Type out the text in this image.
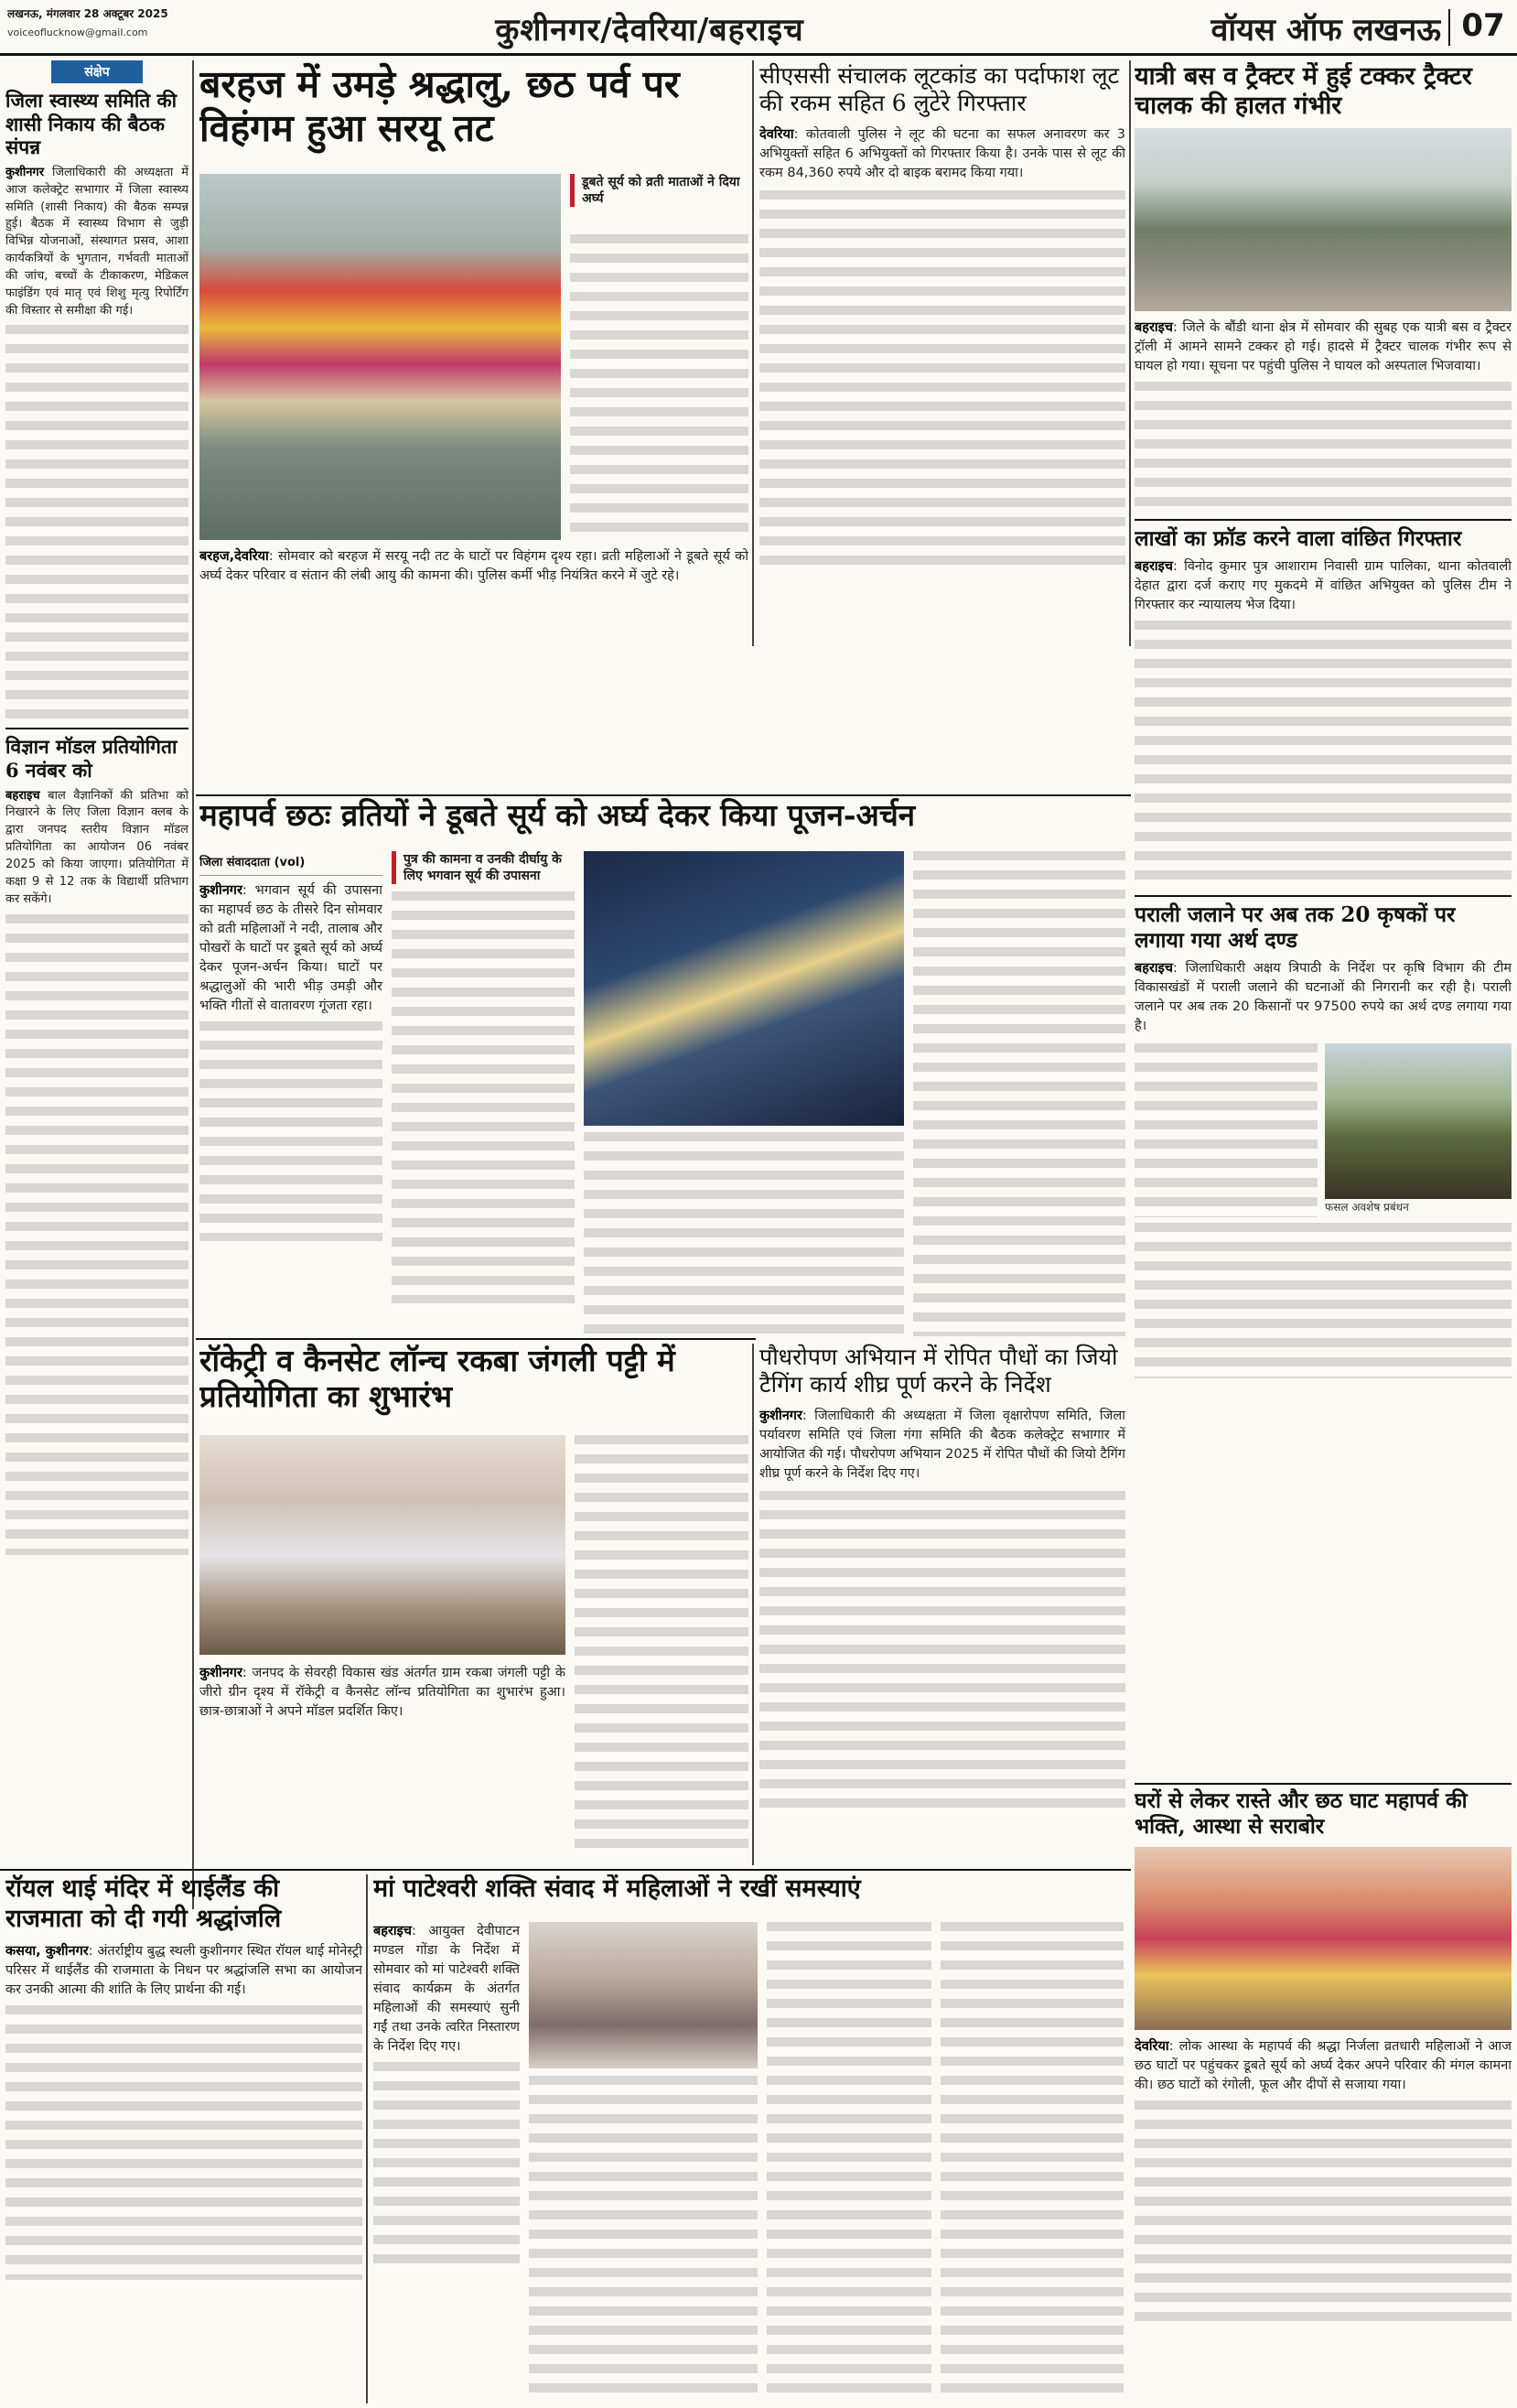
लखनऊ, मंगलवार 28 अक्टूबर 2025
voiceoflucknow@gmail.com	कुशीनगर/देवरिया/बहराइच	वॉयस ऑफ लखनऊ 07
संक्षेप
जिला स्वास्थ्य समिति की शासी निकाय की बैठक संपन्न
कुशीनगर जिलाधिकारी की अध्यक्षता में आज कलेक्ट्रेट सभागार में जिला स्वास्थ्य समिति (शासी निकाय) की बैठक सम्पन्न हुई। बैठक में स्वास्थ्य विभाग से जुड़ी विभिन्न योजनाओं, संस्थागत प्रसव, आशा कार्यकत्रियों के भुगतान, गर्भवती माताओं की जांच, बच्चों के टीकाकरण, मेडिकल फाइंडिंग एवं मातृ एवं शिशु मृत्यु रिपोर्टिंग की विस्तार से समीक्षा की गई।
विज्ञान मॉडल प्रतियोगिता 6 नवंबर को
बहराइच बाल वैज्ञानिकों की प्रतिभा को निखारने के लिए जिला विज्ञान क्लब के द्वारा जनपद स्तरीय विज्ञान मॉडल प्रतियोगिता का आयोजन 06 नवंबर 2025 को किया जाएगा। प्रतियोगिता में कक्षा 9 से 12 तक के विद्यार्थी प्रतिभाग कर सकेंगे।
बरहज में उमड़े श्रद्धालु, छठ पर्व पर विहंगम हुआ सरयू तट
डूबते सूर्य को व्रती माताओं ने दिया अर्घ्य
बरहज,देवरिया: सोमवार को बरहज में सरयू नदी तट के घाटों पर विहंगम दृश्य रहा। व्रती महिलाओं ने डूबते सूर्य को अर्घ्य देकर परिवार व संतान की लंबी आयु की कामना की। पुलिस कर्मी भीड़ नियंत्रित करने में जुटे रहे।
सीएससी संचालक लूटकांड का पर्दाफाश लूट की रकम सहित 6 लुटेरे गिरफ्तार
देवरिया: कोतवाली पुलिस ने लूट की घटना का सफल अनावरण कर 3 अभियुक्तों सहित 6 अभियुक्तों को गिरफ्तार किया है। उनके पास से लूट की रकम 84,360 रुपये और दो बाइक बरामद किया गया।
यात्री बस व ट्रैक्टर में हुई टक्कर ट्रैक्टर चालक की हालत गंभीर
बहराइच: जिले के बौंडी थाना क्षेत्र में सोमवार की सुबह एक यात्री बस व ट्रैक्टर ट्रॉली में आमने सामने टक्कर हो गई। हादसे में ट्रैक्टर चालक गंभीर रूप से घायल हो गया। सूचना पर पहुंची पुलिस ने घायल को अस्पताल भिजवाया।
लाखों का फ्रॉड करने वाला वांछित गिरफ्तार
बहराइच: विनोद कुमार पुत्र आशाराम निवासी ग्राम पालिका, थाना कोतवाली देहात द्वारा दर्ज कराए गए मुकदमे में वांछित अभियुक्त को पुलिस टीम ने गिरफ्तार कर न्यायालय भेज दिया।
पराली जलाने पर अब तक 20 कृषकों पर लगाया गया अर्थ दण्ड
बहराइच: जिलाधिकारी अक्षय त्रिपाठी के निर्देश पर कृषि विभाग की टीम विकासखंडों में पराली जलाने की घटनाओं की निगरानी कर रही है। पराली जलाने पर अब तक 20 किसानों पर 97500 रुपये का अर्थ दण्ड लगाया गया है।
फसल अवशेष प्रबंधन
महापर्व छठः व्रतियों ने डूबते सूर्य को अर्घ्य देकर किया पूजन-अर्चन
जिला संवाददाता (vol)
कुशीनगर: भगवान सूर्य की उपासना का महापर्व छठ के तीसरे दिन सोमवार को व्रती महिलाओं ने नदी, तालाब और पोखरों के घाटों पर डूबते सूर्य को अर्घ्य देकर पूजन-अर्चन किया। घाटों पर श्रद्धालुओं की भारी भीड़ उमड़ी और भक्ति गीतों से वातावरण गूंजता रहा।
पुत्र की कामना व उनकी दीर्घायु के लिए भगवान सूर्य की उपासना
रॉकेट्री व कैनसेट लॉन्च रकबा जंगली पट्टी में प्रतियोगिता का शुभारंभ
कुशीनगर: जनपद के सेवरही विकास खंड अंतर्गत ग्राम रकबा जंगली पट्टी के जीरो ग्रीन दृश्य में रॉकेट्री व कैनसेट लॉन्च प्रतियोगिता का शुभारंभ हुआ। छात्र-छात्राओं ने अपने मॉडल प्रदर्शित किए।
पौधरोपण अभियान में रोपित पौधों का जियो टैगिंग कार्य शीघ्र पूर्ण करने के निर्देश
कुशीनगर: जिलाधिकारी की अध्यक्षता में जिला वृक्षारोपण समिति, जिला पर्यावरण समिति एवं जिला गंगा समिति की बैठक कलेक्ट्रेट सभागार में आयोजित की गई। पौधरोपण अभियान 2025 में रोपित पौधों की जियो टैगिंग शीघ्र पूर्ण करने के निर्देश दिए गए।
घरों से लेकर रास्ते और छठ घाट महापर्व की भक्ति, आस्था से सराबोर
देवरिया: लोक आस्था के महापर्व की श्रद्धा निर्जला व्रतधारी महिलाओं ने आज छठ घाटों पर पहुंचकर डूबते सूर्य को अर्घ्य देकर अपने परिवार की मंगल कामना की। छठ घाटों को रंगोली, फूल और दीपों से सजाया गया।
रॉयल थाई मंदिर में थाईलैंड की राजमाता को दी गयी श्रद्धांजलि
कसया, कुशीनगर: अंतर्राष्ट्रीय बुद्ध स्थली कुशीनगर स्थित रॉयल थाई मोनेस्ट्री परिसर में थाईलैंड की राजमाता के निधन पर श्रद्धांजलि सभा का आयोजन कर उनकी आत्मा की शांति के लिए प्रार्थना की गई।
मां पाटेश्वरी शक्ति संवाद में महिलाओं ने रखीं समस्याएं
बहराइच: आयुक्त देवीपाटन मण्डल गोंडा के निर्देश में सोमवार को मां पाटेश्वरी शक्ति संवाद कार्यक्रम के अंतर्गत महिलाओं की समस्याएं सुनी गईं तथा उनके त्वरित निस्तारण के निर्देश दिए गए।
